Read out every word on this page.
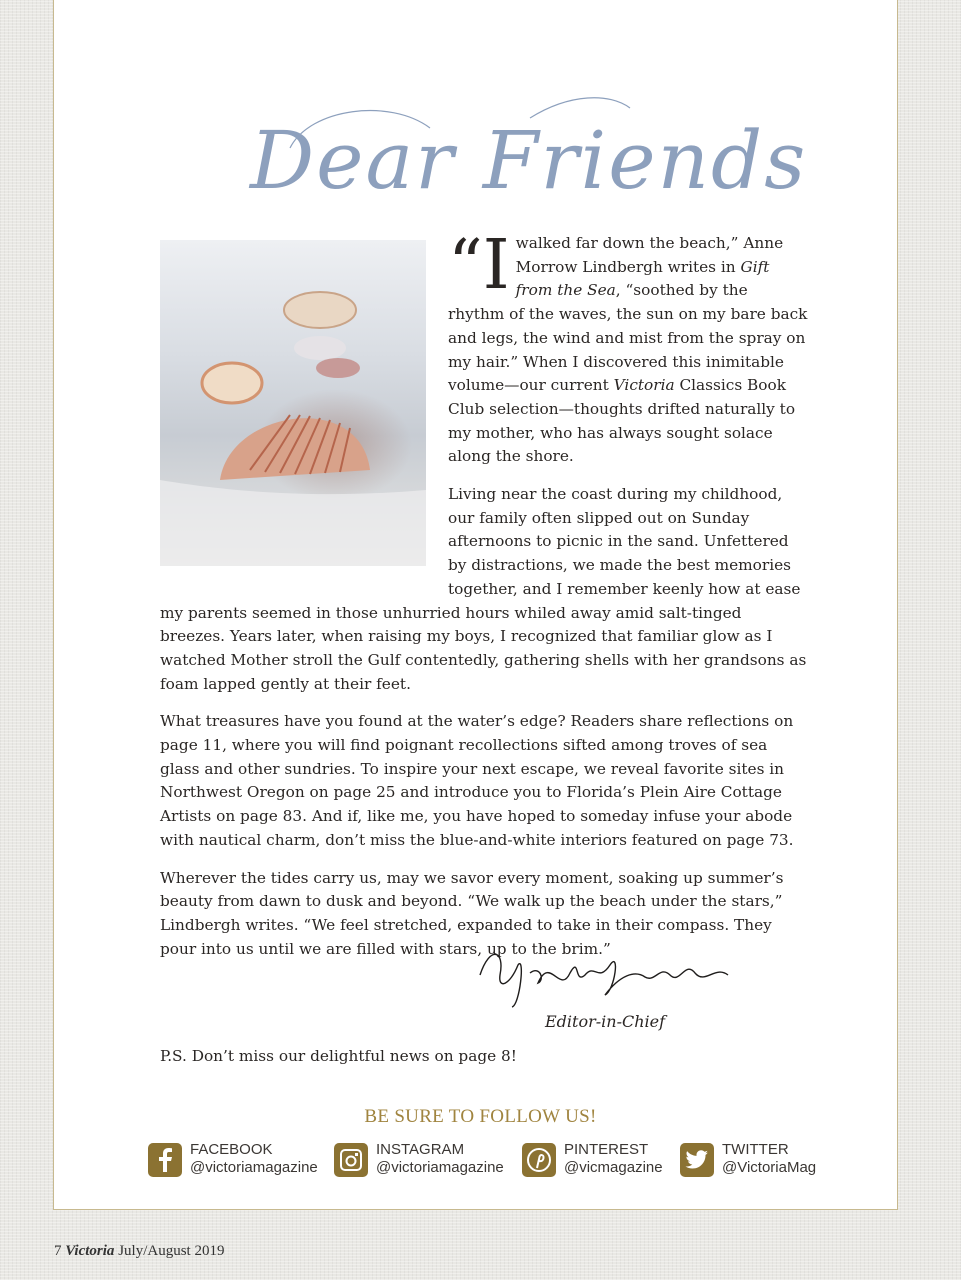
Dear Friends

“I walked far down the beach,” Anne Morrow Lindbergh writes in Gift from the Sea, “soothed by the rhythm of the waves, the sun on my bare back and legs, the wind and mist from the spray on my hair.” When I discovered this inimitable volume—our current Victoria Classics Book Club selection—thoughts drifted naturally to my mother, who has always sought solace along the shore.

Living near the coast during my childhood, our family often slipped out on Sunday afternoons to picnic in the sand. Unfettered by distractions, we made the best memories together, and I remember keenly how at ease my parents seemed in those unhurried hours whiled away amid salt-tinged breezes. Years later, when raising my boys, I recognized that familiar glow as I watched Mother stroll the Gulf contentedly, gathering shells with her grandsons as foam lapped gently at their feet.

What treasures have you found at the water’s edge? Readers share reflections on page 11, where you will find poignant recollections sifted among troves of sea glass and other sundries. To inspire your next escape, we reveal favorite sites in Northwest Oregon on page 25 and introduce you to Florida’s Plein Aire Cottage Artists on page 83. And if, like me, you have hoped to someday infuse your abode with nautical charm, don’t miss the blue-and-white interiors featured on page 73.

Wherever the tides carry us, may we savor every moment, soaking up summer’s beauty from dawn to dusk and beyond. “We walk up the beach under the stars,” Lindbergh writes. “We feel stretched, expanded to take in their compass. They pour into us until we are filled with stars, up to the brim.”

Editor-in-Chief
P.S. Don’t miss our delightful news on page 8!
BE SURE TO FOLLOW US!
FACEBOOK
@victoriamagazine
INSTAGRAM
@victoriamagazine
PINTEREST
@vicmagazine
TWITTER
@VictoriaMag
7 Victoria July/August 2019
